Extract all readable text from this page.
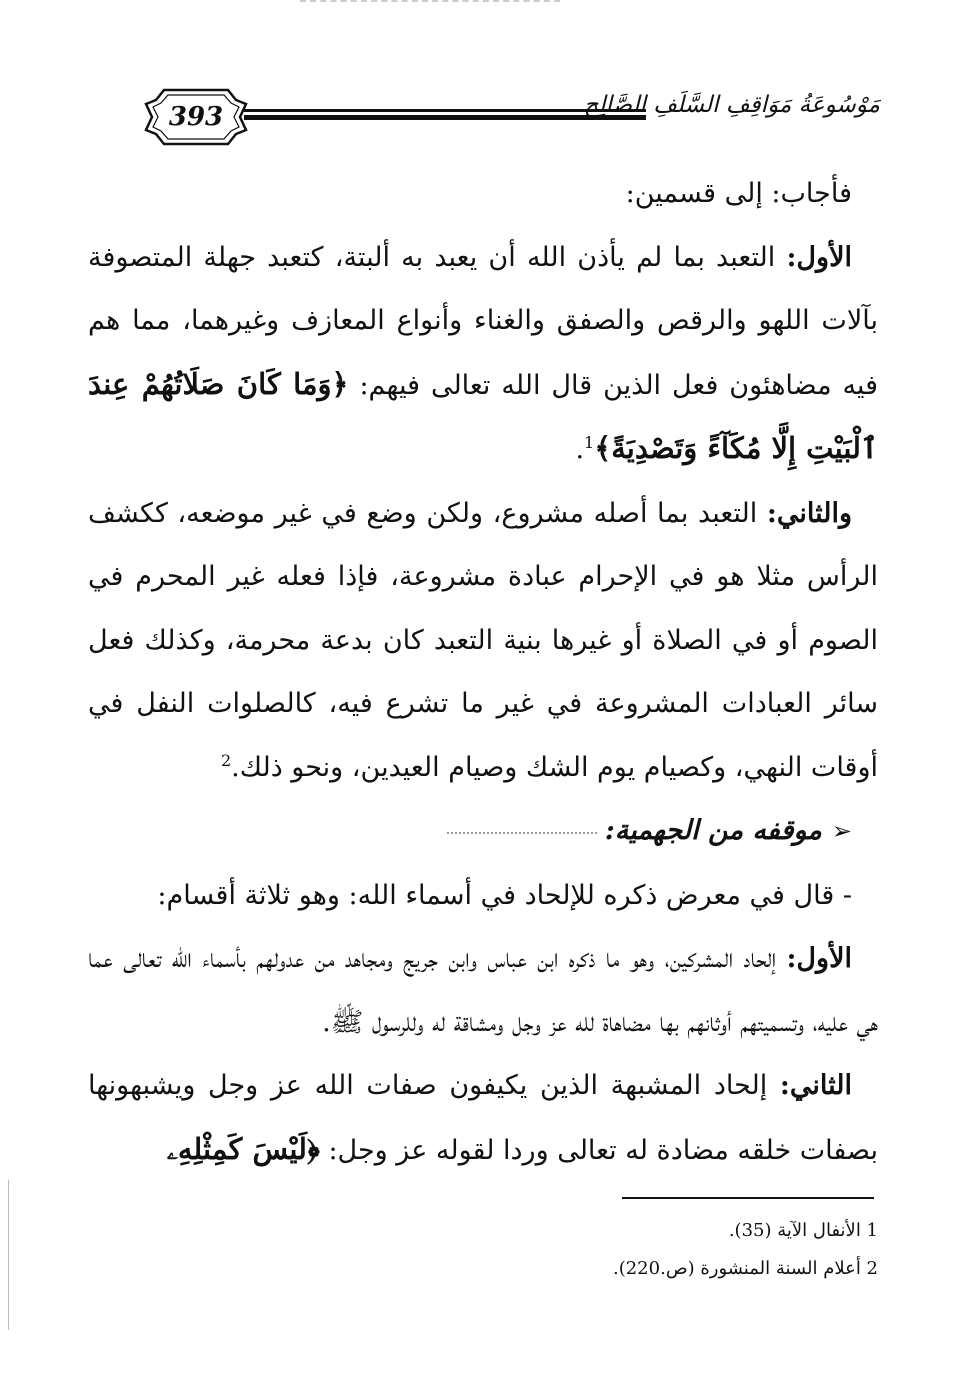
393	مَوْسُوعَةُ مَوَاقِفِ السَّلَفِ الصَّالِح

فأجاب: إلى قسمين:

الأول: التعبد بما لم يأذن الله أن يعبد به ألبتة، كتعبد جهلة المتصوفة بآلات اللهو والرقص والصفق والغناء وأنواع المعازف وغيرهما، مما هم فيه مضاهئون فعل الذين قال الله تعالى فيهم: ﴿وَمَا كَانَ صَلَاتُهُمْ عِندَ ٱلْبَيْتِ إِلَّا مُكَآءً وَتَصْدِيَةً﴾$^1$.

والثاني: التعبد بما أصله مشروع، ولكن وضع في غير موضعه، ككشف الرأس مثلا هو في الإحرام عبادة مشروعة، فإذا فعله غير المحرم في الصوم أو في الصلاة أو غيرها بنية التعبد كان بدعة محرمة، وكذلك فعل سائر العبادات المشروعة في غير ما تشرع فيه، كالصلوات النفل في أوقات النهي، وكصيام يوم الشك وصيام العيدين، ونحو ذلك.$^2$

➢موقفه من الجهمية:

- قال في معرض ذكره للإلحاد في أسماء الله: وهو ثلاثة أقسام:

الأول: إلحاد المشركين، وهو ما ذكره ابن عباس وابن جريج ومجاهد من عدولهم بأسماء الله تعالى عما هي عليه، وتسميتهم أوثانهم بها مضاهاة لله عز وجل ومشاقة له وللرسول ﷺ.

الثاني: إلحاد المشبهة الذين يكيفون صفات الله عز وجل ويشبهونها بصفات خلقه مضادة له تعالى وردا لقوله عز وجل: ﴿لَيْسَ كَمِثْلِهِۦ

1 الأنفال الآية (35).
2 أعلام السنة المنشورة (ص.220).
